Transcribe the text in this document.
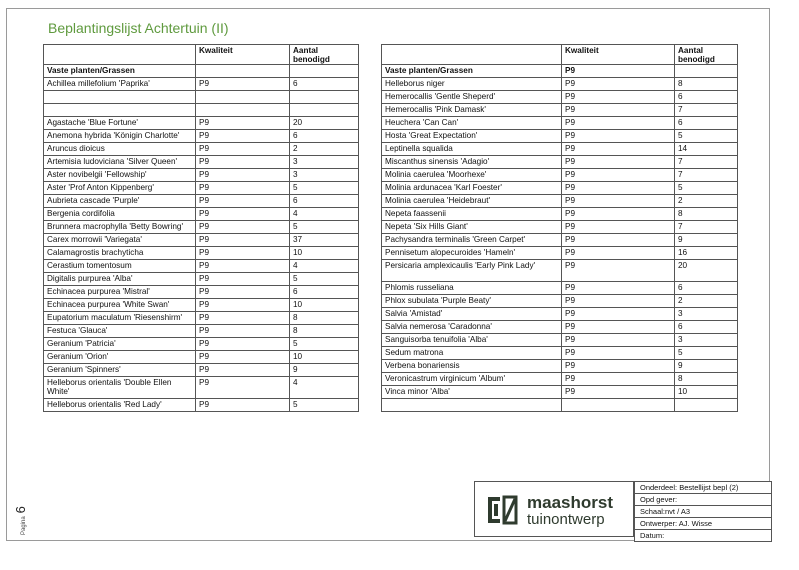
Beplantingslijst Achtertuin (II)
	Kwaliteit	Aantal benodigd
Vaste planten/Grassen		
Achillea millefolium 'Paprika'	P9	6

Agastache 'Blue Fortune'	P9	20
Anemona hybrida 'Königin Charlotte'	P9	6
Aruncus dioicus	P9	2
Artemisia ludoviciana 'Silver Queen'	P9	3
Aster novibelgii 'Fellowship'	P9	3
Aster 'Prof Anton Kippenberg'	P9	5
Aubrieta cascade 'Purple'	P9	6
Bergenia cordifolia	P9	4
Brunnera macrophylla 'Betty Bowring'	P9	5
Carex morrowii 'Variegata'	P9	37
Calamagrostis brachyticha	P9	10
Cerastium tomentosum	P9	4
Digitalis purpurea 'Alba'	P9	5
Echinacea purpurea 'Mistral'	P9	6
Echinacea purpurea 'White Swan'	P9	10
Eupatorium maculatum 'Riesenshirm'	P9	8
Festuca 'Glauca'	P9	8
Geranium 'Patricia'	P9	5
Geranium 'Orion'	P9	10
Geranium 'Spinners'	P9	9
Helleborus orientalis 'Double Ellen White'	P9	4
Helleborus orientalis 'Red Lady'	P9	5
	Kwaliteit	Aantal benodigd
Vaste planten/Grassen	P9	
Helleborus niger	P9	8
Hemerocallis 'Gentle Sheperd'	P9	6
Hemerocallis 'Pink Damask'	P9	7
Heuchera 'Can Can'	P9	6
Hosta 'Great Expectation'	P9	5
Leptinella squalida	P9	14
Miscanthus sinensis 'Adagio'	P9	7
Molinia caerulea 'Moorhexe'	P9	7
Molinia ardunacea 'Karl Foester'	P9	5
Molinia caerulea 'Heidebraut'	P9	2
Nepeta faassenii	P9	8
Nepeta 'Six Hills Giant'	P9	7
Pachysandra terminalis 'Green Carpet'	P9	9
Pennisetum alopecuroides 'Hameln'	P9	16
Persicaria amplexicaulis 'Early Pink Lady'	P9	20
Phlomis russeliana	P9	6
Phlox subulata 'Purple Beaty'	P9	2
Salvia 'Amistad'	P9	3
Salvia nemerosa 'Caradonna'	P9	6
Sanguisorba tenuifolia 'Alba'	P9	3
Sedum matrona	P9	5
Verbena bonariensis	P9	9
Veronicastrum virginicum 'Album'	P9	8
Vinca minor 'Alba'	P9	10

Pagina6	maashorst
tuinontwerp
Onderdeel: Bestellijst bepl (2)
Opd gever:
Schaal:nvt / A3
Ontwerper: AJ. Wisse
Datum:
